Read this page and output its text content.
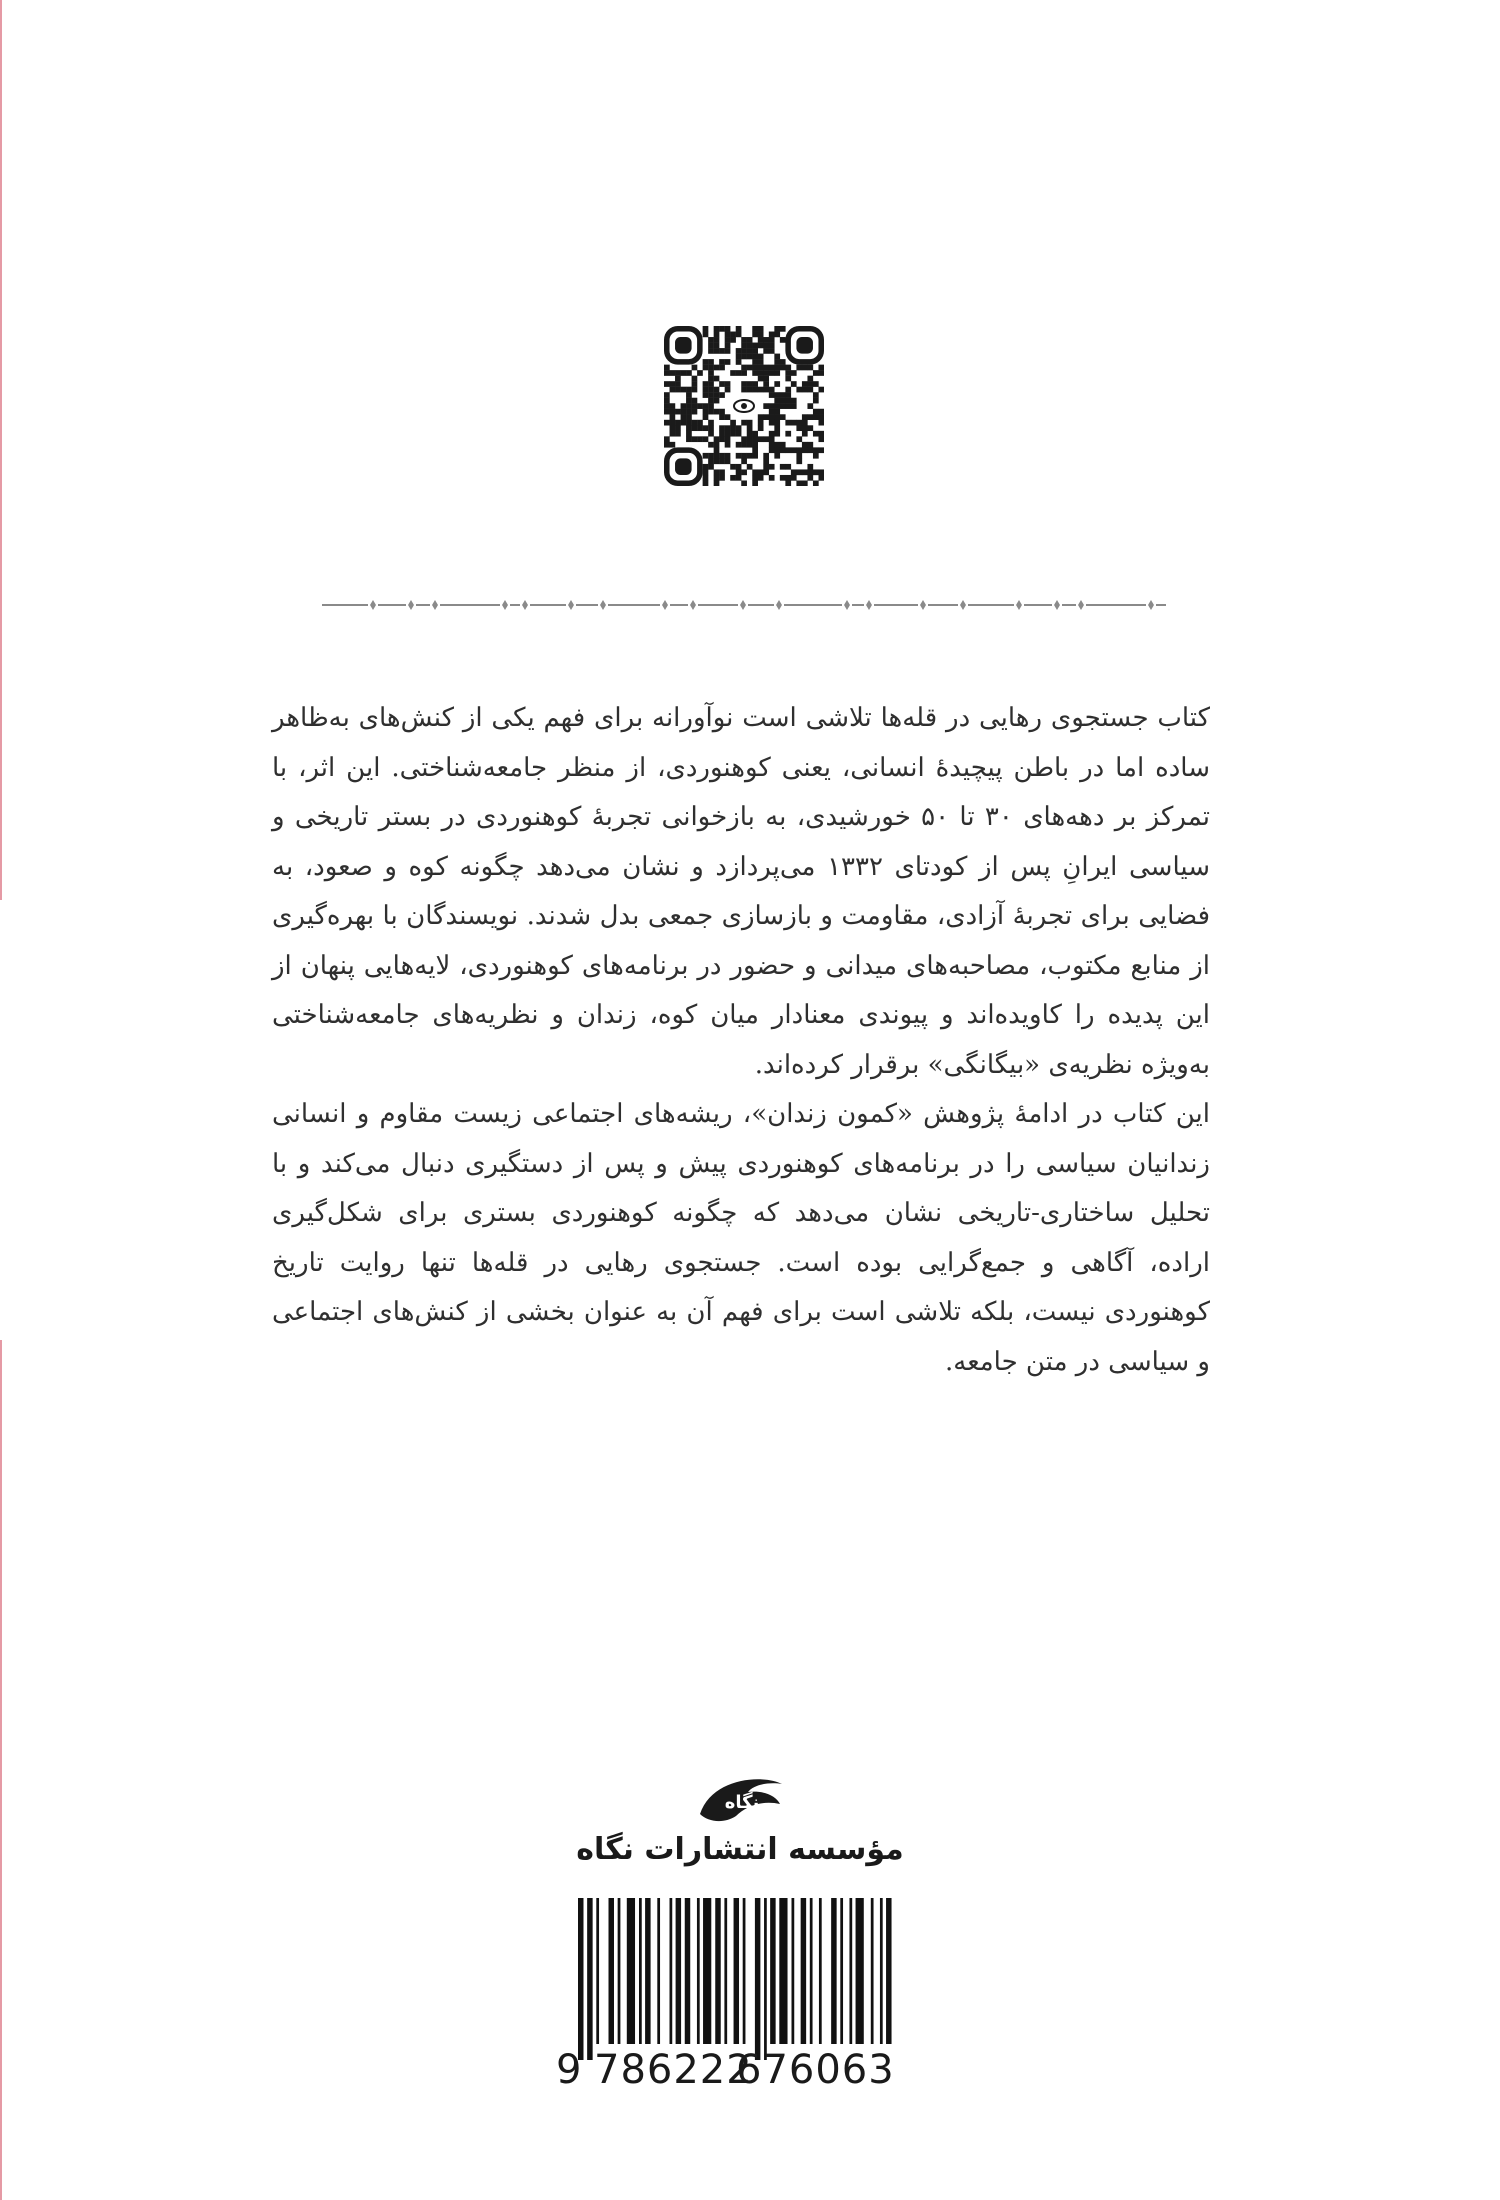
کتاب جستجوی رهایی در قله‌ها تلاشی است نوآورانه برای فهم یکی از کنش‌های به‌ظاهر ساده اما در باطن پیچیدهٔ انسانی، یعنی کوهنوردی، از منظر جامعه‌شناختی. این اثر، با تمرکز بر دهه‌های ۳۰ تا ۵۰ خورشیدی، به بازخوانی تجربهٔ کوهنوردی در بستر تاریخی و سیاسی ایرانِ پس از کودتای ۱۳۳۲ می‌پردازد و نشان می‌دهد چگونه کوه و صعود، به فضایی برای تجربهٔ آزادی، مقاومت و بازسازی جمعی بدل شدند. نویسندگان با بهره‌گیری از منابع مکتوب، مصاحبه‌های میدانی و حضور در برنامه‌های کوهنوردی، لایه‌هایی پنهان از این پدیده را کاویده‌اند و پیوندی معنادار میان کوه، زندان و نظریه‌های جامعه‌شناختی به‌ویژه نظریه‌ی «بیگانگی» برقرار کرده‌اند.

این کتاب در ادامهٔ پژوهش «کمون زندان»، ریشه‌های اجتماعی زیست مقاوم و انسانی زندانیان سیاسی را در برنامه‌های کوهنوردی پیش و پس از دستگیری دنبال می‌کند و با تحلیل ساختاری-تاریخی نشان می‌دهد که چگونه کوهنوردی بستری برای شکل‌گیری اراده، آگاهی و جمع‌گرایی بوده است. جستجوی رهایی در قله‌ها تنها روایت تاریخ کوهنوردی نیست، بلکه تلاشی است برای فهم آن به عنوان بخشی از کنش‌های اجتماعی و سیاسی در متن جامعه.

نگاه
مؤسسه انتشارات نگاه
9 786222
676063
